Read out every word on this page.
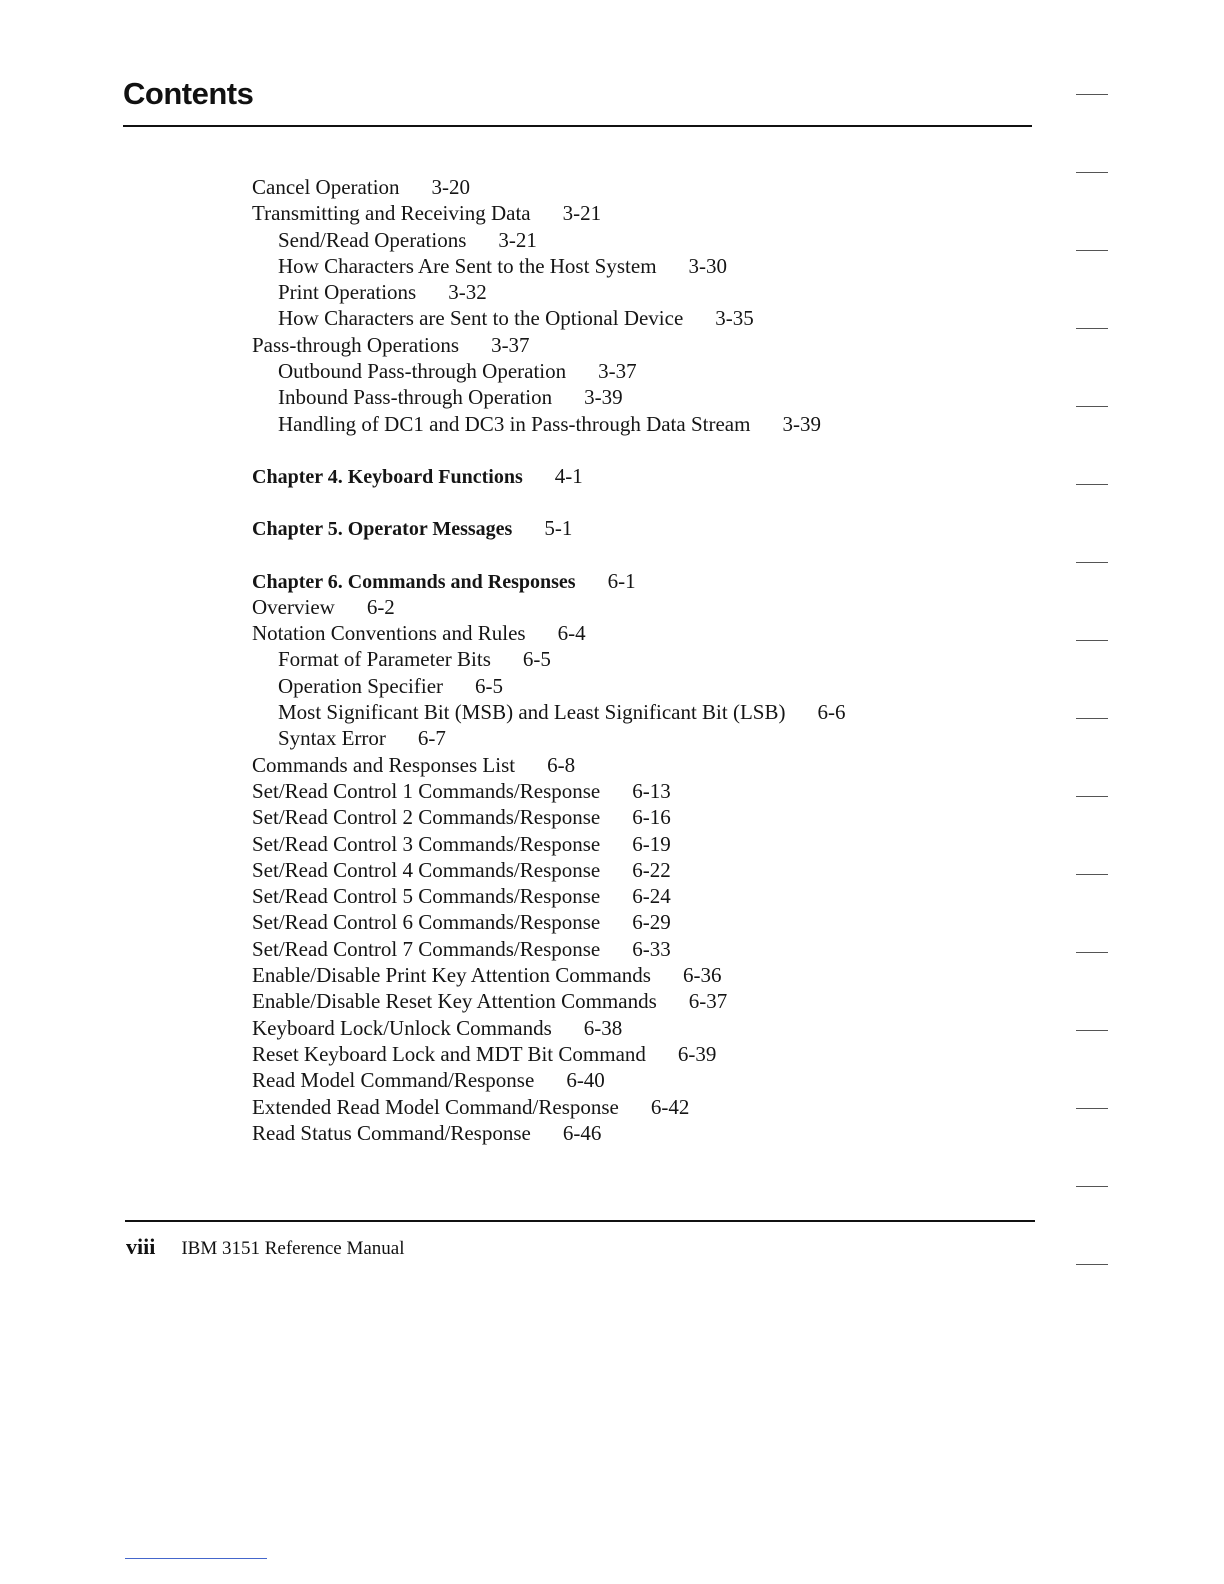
Contents
Cancel Operation 3-20
Transmitting and Receiving Data 3-21
Send/Read Operations 3-21
How Characters Are Sent to the Host System 3-30
Print Operations 3-32
How Characters are Sent to the Optional Device 3-35
Pass-through Operations 3-37
Outbound Pass-through Operation 3-37
Inbound Pass-through Operation 3-39
Handling of DC1 and DC3 in Pass-through Data Stream 3-39
Chapter 4. Keyboard Functions 4-1
Chapter 5. Operator Messages 5-1
Chapter 6. Commands and Responses 6-1
Overview 6-2
Notation Conventions and Rules 6-4
Format of Parameter Bits 6-5
Operation Specifier 6-5
Most Significant Bit (MSB) and Least Significant Bit (LSB) 6-6
Syntax Error 6-7
Commands and Responses List 6-8
Set/Read Control 1 Commands/Response 6-13
Set/Read Control 2 Commands/Response 6-16
Set/Read Control 3 Commands/Response 6-19
Set/Read Control 4 Commands/Response 6-22
Set/Read Control 5 Commands/Response 6-24
Set/Read Control 6 Commands/Response 6-29
Set/Read Control 7 Commands/Response 6-33
Enable/Disable Print Key Attention Commands 6-36
Enable/Disable Reset Key Attention Commands 6-37
Keyboard Lock/Unlock Commands 6-38
Reset Keyboard Lock and MDT Bit Command 6-39
Read Model Command/Response 6-40
Extended Read Model Command/Response 6-42
Read Status Command/Response 6-46
viii IBM 3151 Reference Manual
